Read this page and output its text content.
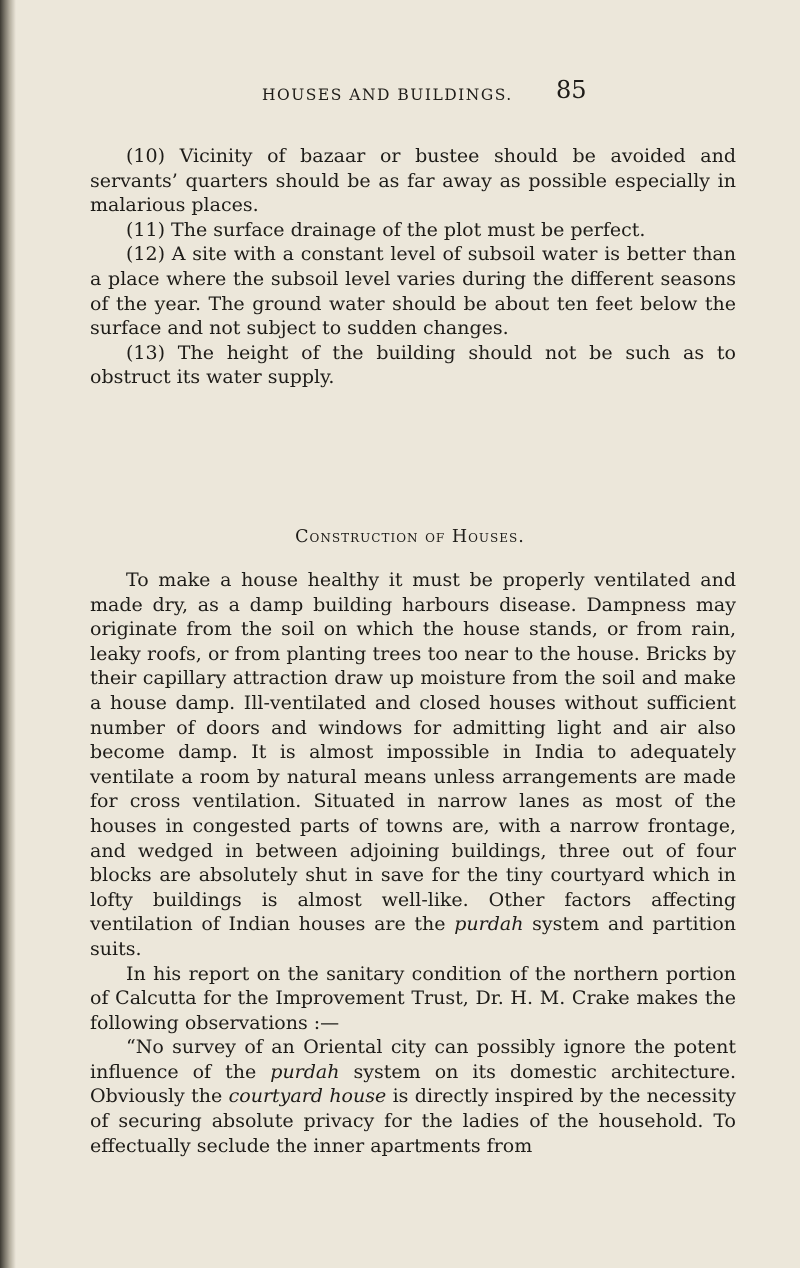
HOUSES AND BUILDINGS. 85

(10) Vicinity of bazaar or bustee should be avoided and servants’ quarters should be as far away as possible especially in malarious places.

(11) The surface drainage of the plot must be perfect.

(12) A site with a constant level of subsoil water is better than a place where the subsoil level varies during the different seasons of the year. The ground water should be about ten feet below the surface and not subject to sudden changes.

(13) The height of the building should not be such as to obstruct its water supply.

Construction of Houses.

To make a house healthy it must be properly ventilated and made dry, as a damp building harbours disease. Dampness may originate from the soil on which the house stands, or from rain, leaky roofs, or from planting trees too near to the house. Bricks by their capillary attraction draw up moisture from the soil and make a house damp. Ill-ventilated and closed houses without sufficient number of doors and windows for admitting light and air also become damp. It is almost impossible in India to adequately ventilate a room by natural means unless arrangements are made for cross ventilation. Situated in narrow lanes as most of the houses in congested parts of towns are, with a narrow frontage, and wedged in between adjoining buildings, three out of four blocks are absolutely shut in save for the tiny courtyard which in lofty buildings is almost well-like. Other factors affecting ventilation of Indian houses are the purdah system and partition suits.

In his report on the sanitary condition of the northern portion of Calcutta for the Improvement Trust, Dr. H. M. Crake makes the following observations :—

“No survey of an Oriental city can possibly ignore the potent influence of the purdah system on its domestic architecture. Obviously the courtyard house is directly inspired by the necessity of securing absolute privacy for the ladies of the household. To effectually seclude the inner apartments from
